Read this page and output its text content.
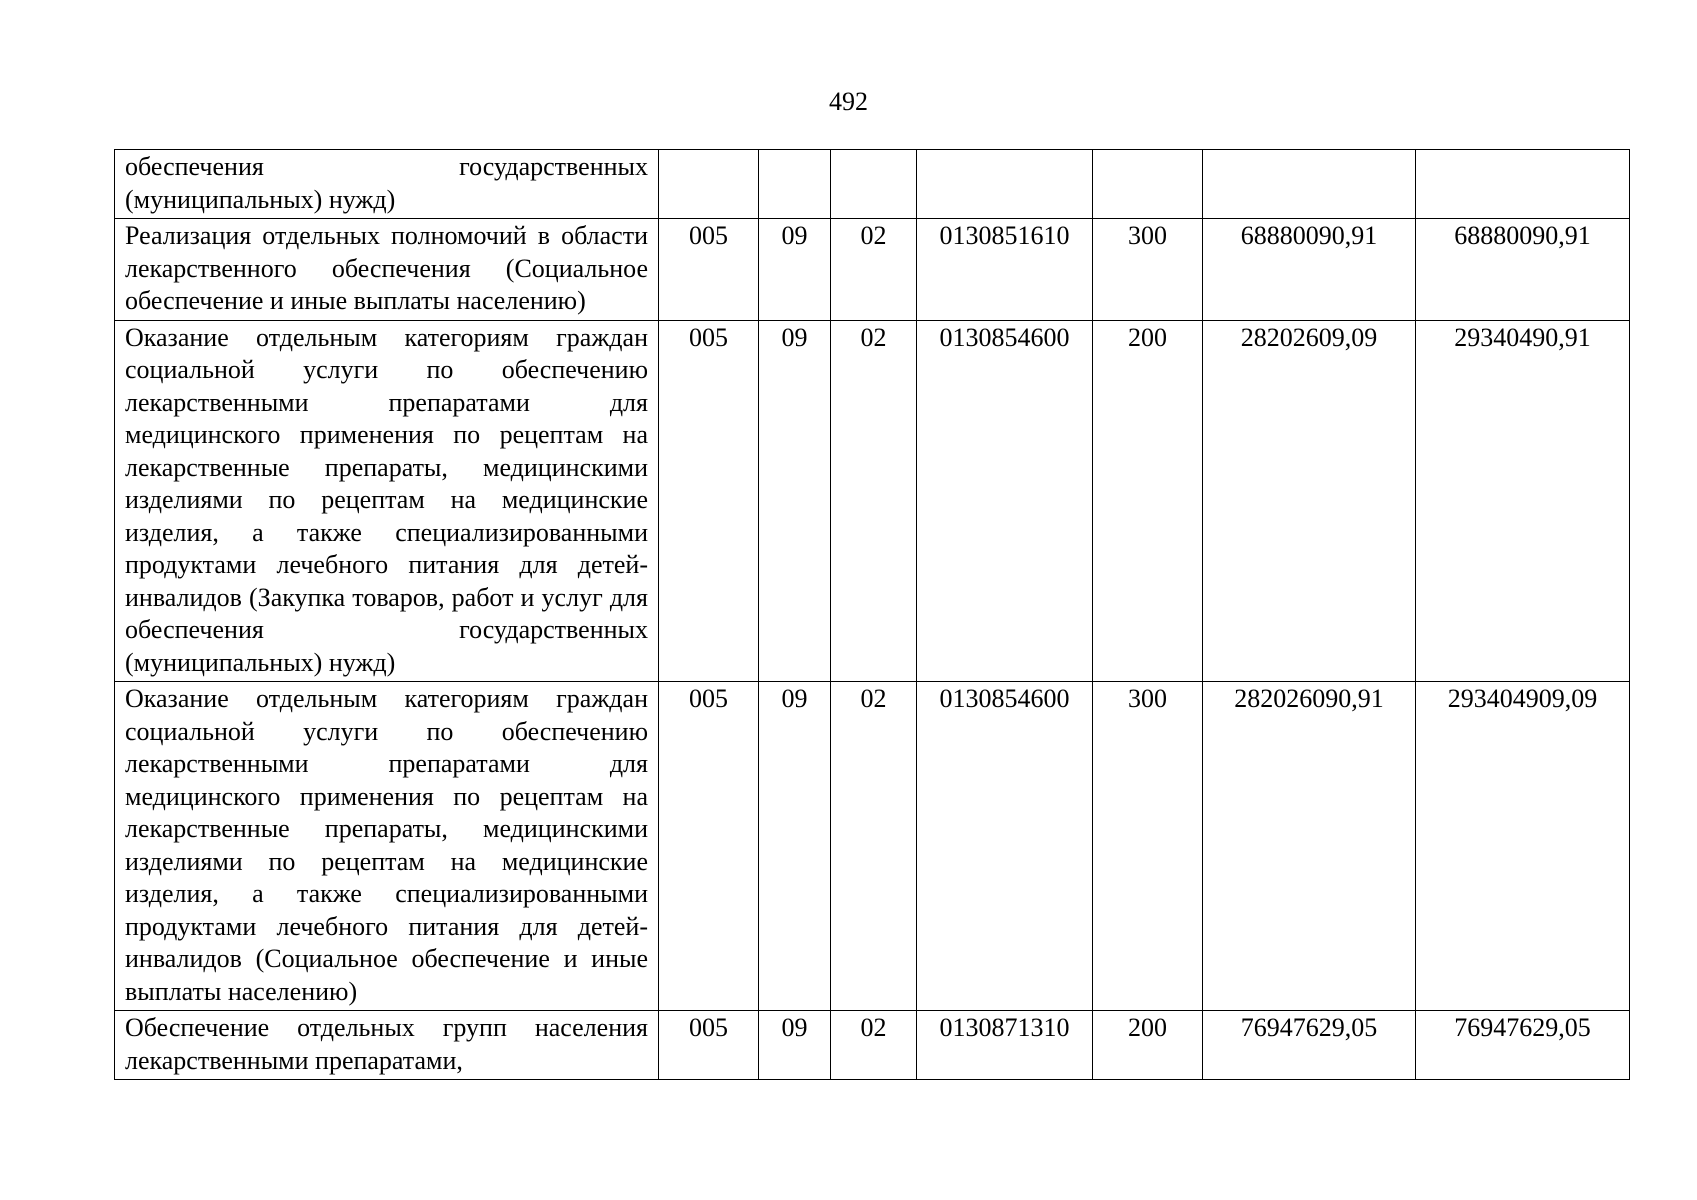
492
обеспечения государственных (муниципальных) нужд)							
Реализация отдельных полномочий в области лекарственного обеспечения (Социальное обеспечение и иные выплаты населению)	005	09	02	0130851610	300	68880090,91	68880090,91
Оказание отдельным категориям граждан социальной услуги по обеспечению лекарственными препаратами для медицинского применения по рецептам на лекарственные препараты, медицинскими изделиями по рецептам на медицинские изделия, а также специализированными продуктами лечебного питания для детей-инвалидов (Закупка товаров, работ и услуг для обеспечения государственных (муниципальных) нужд)	005	09	02	0130854600	200	28202609,09	29340490,91
Оказание отдельным категориям граждан социальной услуги по обеспечению лекарственными препаратами для медицинского применения по рецептам на лекарственные препараты, медицинскими изделиями по рецептам на медицинские изделия, а также специализированными продуктами лечебного питания для детей-инвалидов (Социальное обеспечение и иные выплаты населению)	005	09	02	0130854600	300	282026090,91	293404909,09
Обеспечение отдельных групп населения лекарственными препаратами,	005	09	02	0130871310	200	76947629,05	76947629,05
